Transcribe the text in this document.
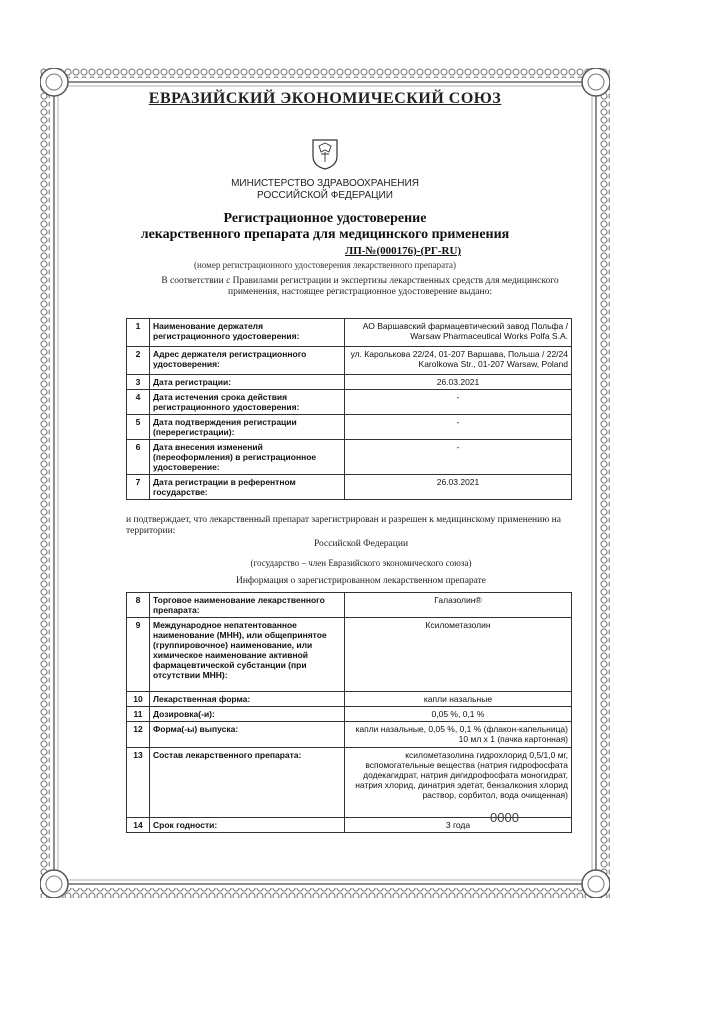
ЕВРАЗИЙСКИЙ ЭКОНОМИЧЕСКИЙ СОЮЗ
МИНИСТЕРСТВО ЗДРАВООХРАНЕНИЯ
РОССИЙСКОЙ ФЕДЕРАЦИИ
Регистрационное удостоверение
лекарственного препарата для медицинского применения
ЛП-№(000176)-(РГ-RU)
(номер регистрационного удостоверения лекарственного препарата)
В соответствии с Правилами регистрации и экспертизы лекарственных средств для медицинского применения, настоящее регистрационное удостоверение выдано:
1	Наименование держателя регистрационного удостоверения:	АО Варшавский фармацевтический завод Польфа / Warsaw Pharmaceutical Works Polfa S.A.
2	Адрес держателя регистрационного удостоверения:	ул. Каролькова 22/24, 01-207 Варшава, Польша / 22/24 Karolkowa Str., 01-207 Warsaw, Poland
3	Дата регистрации:	26.03.2021
4	Дата истечения срока действия регистрационного удостоверения:	-
5	Дата подтверждения регистрации (перерегистрации):	-
6	Дата внесения изменений (переоформления) в регистрационное удостоверение:	-
7	Дата регистрации в референтном государстве:	26.03.2021
и подтверждает, что лекарственный препарат зарегистрирован и разрешен к медицинскому применению на территории:
Российской Федерации
(государство – член Евразийского экономического союза)
Информация о зарегистрированном лекарственном препарате
8	Торговое наименование лекарственного препарата:	Галазолин®
9	Международное непатентованное наименование (МНН), или общепринятое (группировочное) наименование, или химическое наименование активной фармацевтической субстанции (при отсутствии МНН):	Ксилометазолин
10	Лекарственная форма:	капли назальные
11	Дозировка(-и):	0,05 %, 0,1 %
12	Форма(-ы) выпуска:	капли назальные, 0,05 %, 0,1 % (флакон-капельница) 10 мл x 1 (пачка картонная)
13	Состав лекарственного препарата:	ксилометазолина гидрохлорид 0,5/1,0 мг, вспомогательные вещества (натрия гидрофосфата додекагидрат, натрия дигидрофосфата моногидрат, натрия хлорид, динатрия эдетат, бензалкония хлорид раствор, сорбитол, вода очищенная)
14	Срок годности:	3 года 0000
